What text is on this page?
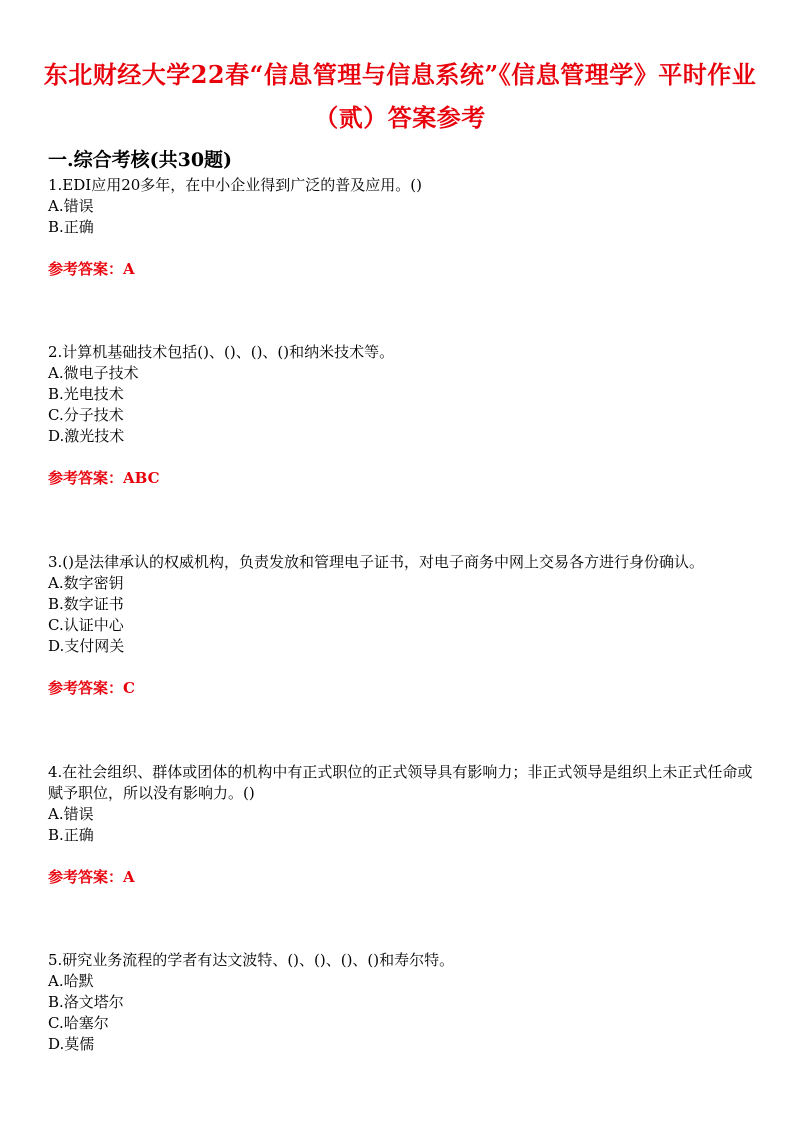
东北财经大学22春“信息管理与信息系统”《信息管理学》平时作业
（贰）答案参考
一.综合考核(共30题)
1.EDI应用20多年，在中小企业得到广泛的普及应用。()
A.错误
B.正确
参考答案：A
2.计算机基础技术包括()、()、()、()和纳米技术等。
A.微电子技术
B.光电技术
C.分子技术
D.激光技术
参考答案：ABC
3.()是法律承认的权威机构，负责发放和管理电子证书，对电子商务中网上交易各方进行身份确认。
A.数字密钥
B.数字证书
C.认证中心
D.支付网关
参考答案：C
4.在社会组织、群体或团体的机构中有正式职位的正式领导具有影响力；非正式领导是组织上未正式任命或赋予职位，所以没有影响力。()
A.错误
B.正确
参考答案：A
5.研究业务流程的学者有达文波特、()、()、()、()和寿尔特。
A.哈默
B.洛文塔尔
C.哈塞尔
D.莫儒
